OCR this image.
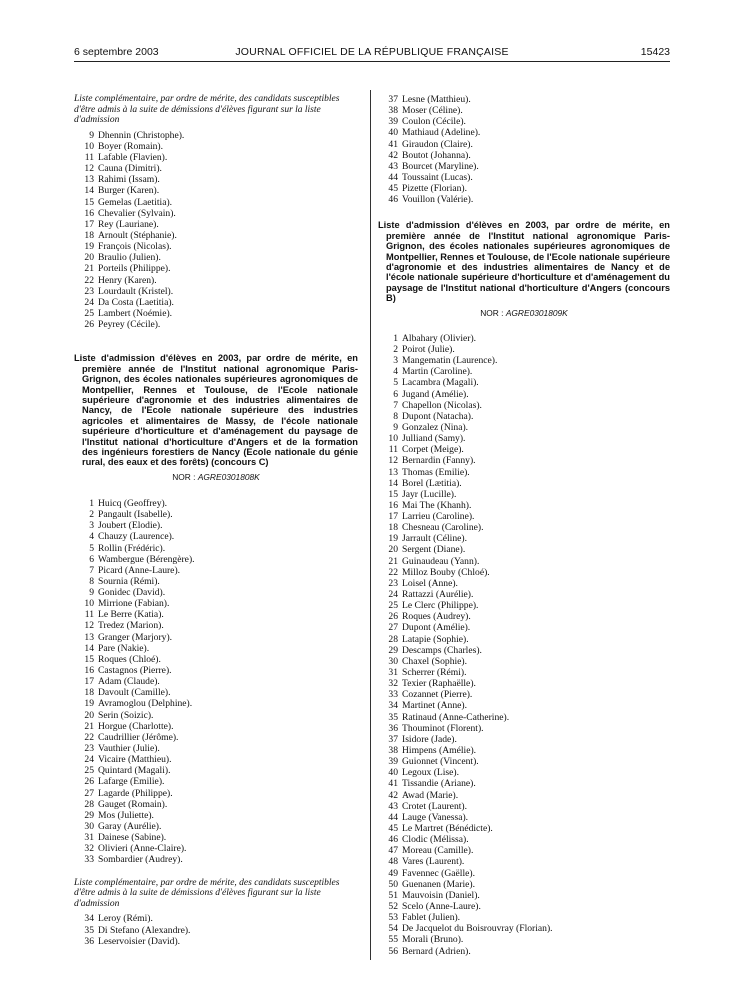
6 septembre 2003	JOURNAL OFFICIEL DE LA RÉPUBLIQUE FRANÇAISE	15423

Liste complémentaire, par ordre de mérite, des candidats susceptibles d'être admis à la suite de démissions d'élèves figurant sur la liste d'admission

9 Dhennin (Christophe).
10 Boyer (Romain).
11 Lafable (Flavien).
12 Cauna (Dimitri).
13 Rahimi (Issam).
14 Burger (Karen).
15 Gemelas (Laetitia).
16 Chevalier (Sylvain).
17 Rey (Lauriane).
18 Arnoult (Stéphanie).
19 François (Nicolas).
20 Braulio (Julien).
21 Porteils (Philippe).
22 Henry (Karen).
23 Lourdault (Kristel).
24 Da Costa (Laetitia).
25 Lambert (Noémie).
26 Peyrey (Cécile).

Liste d'admission d'élèves en 2003, par ordre de mérite, en première année de l'Institut national agronomique Paris-Grignon, des écoles nationales supérieures agronomiques de Montpellier, Rennes et Toulouse, de l'Ecole nationale supérieure d'agronomie et des industries alimentaires de Nancy, de l'Ecole nationale supérieure des industries agricoles et alimentaires de Massy, de l'école nationale supérieure d'horticulture et d'aménagement du paysage de l'Institut national d'horticulture d'Angers et de la formation des ingénieurs forestiers de Nancy (Ecole nationale du génie rural, des eaux et des forêts) (concours C)

NOR : AGRE0301808K

1 Huicq (Geoffrey).
2 Pangault (Isabelle).
3 Joubert (Elodie).
4 Chauzy (Laurence).
5 Rollin (Frédéric).
6 Wambergue (Bérengère).
7 Picard (Anne-Laure).
8 Sournia (Rémi).
9 Gonidec (David).
10 Mirrione (Fabian).
11 Le Berre (Katia).
12 Tredez (Marion).
13 Granger (Marjory).
14 Pare (Nakie).
15 Roques (Chloé).
16 Castagnos (Pierre).
17 Adam (Claude).
18 Davoult (Camille).
19 Avramoglou (Delphine).
20 Serin (Soizic).
21 Horgue (Charlotte).
22 Caudrillier (Jérôme).
23 Vauthier (Julie).
24 Vicaire (Matthieu).
25 Quintard (Magali).
26 Lafarge (Emilie).
27 Lagarde (Philippe).
28 Gauget (Romain).
29 Mos (Juliette).
30 Garay (Aurélie).
31 Dainese (Sabine).
32 Olivieri (Anne-Claire).
33 Sombardier (Audrey).

Liste complémentaire, par ordre de mérite, des candidats susceptibles d'être admis à la suite de démissions d'élèves figurant sur la liste d'admission

34 Leroy (Rémi).
35 Di Stefano (Alexandre).
36 Leservoisier (David).
37 Lesne (Matthieu).
38 Moser (Céline).
39 Coulon (Cécile).
40 Mathiaud (Adeline).
41 Giraudon (Claire).
42 Boutot (Johanna).
43 Bourcet (Maryline).
44 Toussaint (Lucas).
45 Pizette (Florian).
46 Vouillon (Valérie).

Liste d'admission d'élèves en 2003, par ordre de mérite, en première année de l'Institut national agronomique Paris-Grignon, des écoles nationales supérieures agronomiques de Montpellier, Rennes et Toulouse, de l'Ecole nationale supérieure d'agronomie et des industries alimentaires de Nancy et de l'école nationale supérieure d'horticulture et d'aménagement du paysage de l'Institut national d'horticulture d'Angers (concours B)

NOR : AGRE0301809K

1 Albahary (Olivier).
2 Poirot (Julie).
3 Mangematin (Laurence).
4 Martin (Caroline).
5 Lacambra (Magali).
6 Jugand (Amélie).
7 Chapellon (Nicolas).
8 Dupont (Natacha).
9 Gonzalez (Nina).
10 Julliand (Samy).
11 Corpet (Meige).
12 Bernardin (Fanny).
13 Thomas (Emilie).
14 Borel (Lætitia).
15 Jayr (Lucille).
16 Mai The (Khanh).
17 Larrieu (Caroline).
18 Chesneau (Caroline).
19 Jarrault (Céline).
20 Sergent (Diane).
21 Guinaudeau (Yann).
22 Milloz Bouby (Chloé).
23 Loisel (Anne).
24 Rattazzi (Aurélie).
25 Le Clerc (Philippe).
26 Roques (Audrey).
27 Dupont (Amélie).
28 Latapie (Sophie).
29 Descamps (Charles).
30 Chaxel (Sophie).
31 Scherrer (Rémi).
32 Texier (Raphaëlle).
33 Cozannet (Pierre).
34 Martinet (Anne).
35 Ratinaud (Anne-Catherine).
36 Thouminot (Florent).
37 Isidore (Jade).
38 Himpens (Amélie).
39 Guionnet (Vincent).
40 Legoux (Lise).
41 Tissandie (Ariane).
42 Awad (Marie).
43 Crotet (Laurent).
44 Lauge (Vanessa).
45 Le Martret (Bénédicte).
46 Clodic (Mélissa).
47 Moreau (Camille).
48 Vares (Laurent).
49 Favennec (Gaëlle).
50 Guenanen (Marie).
51 Mauvoisin (Daniel).
52 Scelo (Anne-Laure).
53 Fablet (Julien).
54 De Jacquelot du Boisrouvray (Florian).
55 Morali (Bruno).
56 Bernard (Adrien).
